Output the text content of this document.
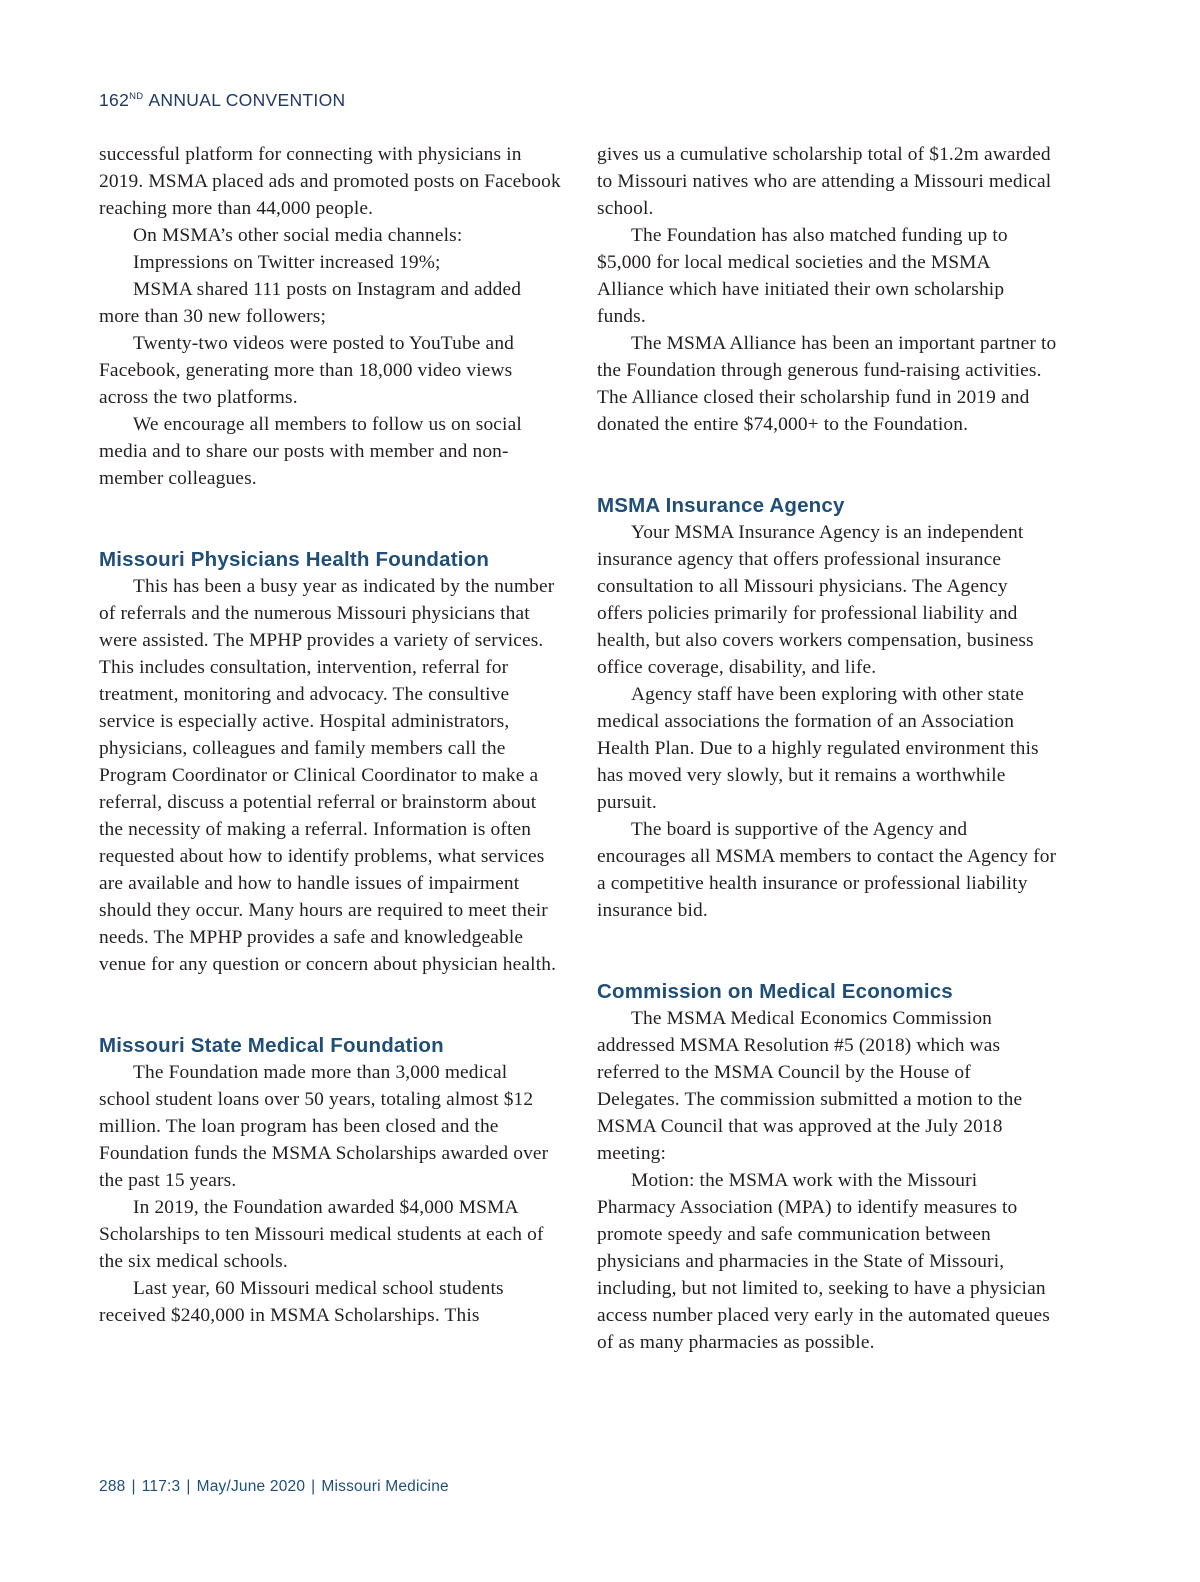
162ND ANNUAL CONVENTION

successful platform for connecting with physicians in 2019. MSMA placed ads and promoted posts on Facebook reaching more than 44,000 people.

On MSMA’s other social media channels:

Impressions on Twitter increased 19%;

MSMA shared 111 posts on Instagram and added more than 30 new followers;

Twenty-two videos were posted to YouTube and Facebook, generating more than 18,000 video views across the two platforms.

We encourage all members to follow us on social media and to share our posts with member and non-member colleagues.

Missouri Physicians Health Foundation

This has been a busy year as indicated by the number of referrals and the numerous Missouri physicians that were assisted. The MPHP provides a variety of services. This includes consultation, intervention, referral for treatment, monitoring and advocacy. The consultive service is especially active. Hospital administrators, physicians, colleagues and family members call the Program Coordinator or Clinical Coordinator to make a referral, discuss a potential referral or brainstorm about the necessity of making a referral. Information is often requested about how to identify problems, what services are available and how to handle issues of impairment should they occur. Many hours are required to meet their needs. The MPHP provides a safe and knowledgeable venue for any question or concern about physician health.

Missouri State Medical Foundation

The Foundation made more than 3,000 medical school student loans over 50 years, totaling almost $12 million. The loan program has been closed and the Foundation funds the MSMA Scholarships awarded over the past 15 years.

In 2019, the Foundation awarded $4,000 MSMA Scholarships to ten Missouri medical students at each of the six medical schools.

Last year, 60 Missouri medical school students received $240,000 in MSMA Scholarships. This

gives us a cumulative scholarship total of $1.2m awarded to Missouri natives who are attending a Missouri medical school.

The Foundation has also matched funding up to $5,000 for local medical societies and the MSMA Alliance which have initiated their own scholarship funds.

The MSMA Alliance has been an important partner to the Foundation through generous fund-raising activities. The Alliance closed their scholarship fund in 2019 and donated the entire $74,000+ to the Foundation.

MSMA Insurance Agency

Your MSMA Insurance Agency is an independent insurance agency that offers professional insurance consultation to all Missouri physicians. The Agency offers policies primarily for professional liability and health, but also covers workers compensation, business office coverage, disability, and life.

Agency staff have been exploring with other state medical associations the formation of an Association Health Plan. Due to a highly regulated environment this has moved very slowly, but it remains a worthwhile pursuit.

The board is supportive of the Agency and encourages all MSMA members to contact the Agency for a competitive health insurance or professional liability insurance bid.

Commission on Medical Economics

The MSMA Medical Economics Commission addressed MSMA Resolution #5 (2018) which was referred to the MSMA Council by the House of Delegates. The commission submitted a motion to the MSMA Council that was approved at the July 2018 meeting:

Motion: the MSMA work with the Missouri Pharmacy Association (MPA) to identify measures to promote speedy and safe communication between physicians and pharmacies in the State of Missouri, including, but not limited to, seeking to have a physician access number placed very early in the automated queues of as many pharmacies as possible.

288 | 117:3 | May/June 2020 | Missouri Medicine
